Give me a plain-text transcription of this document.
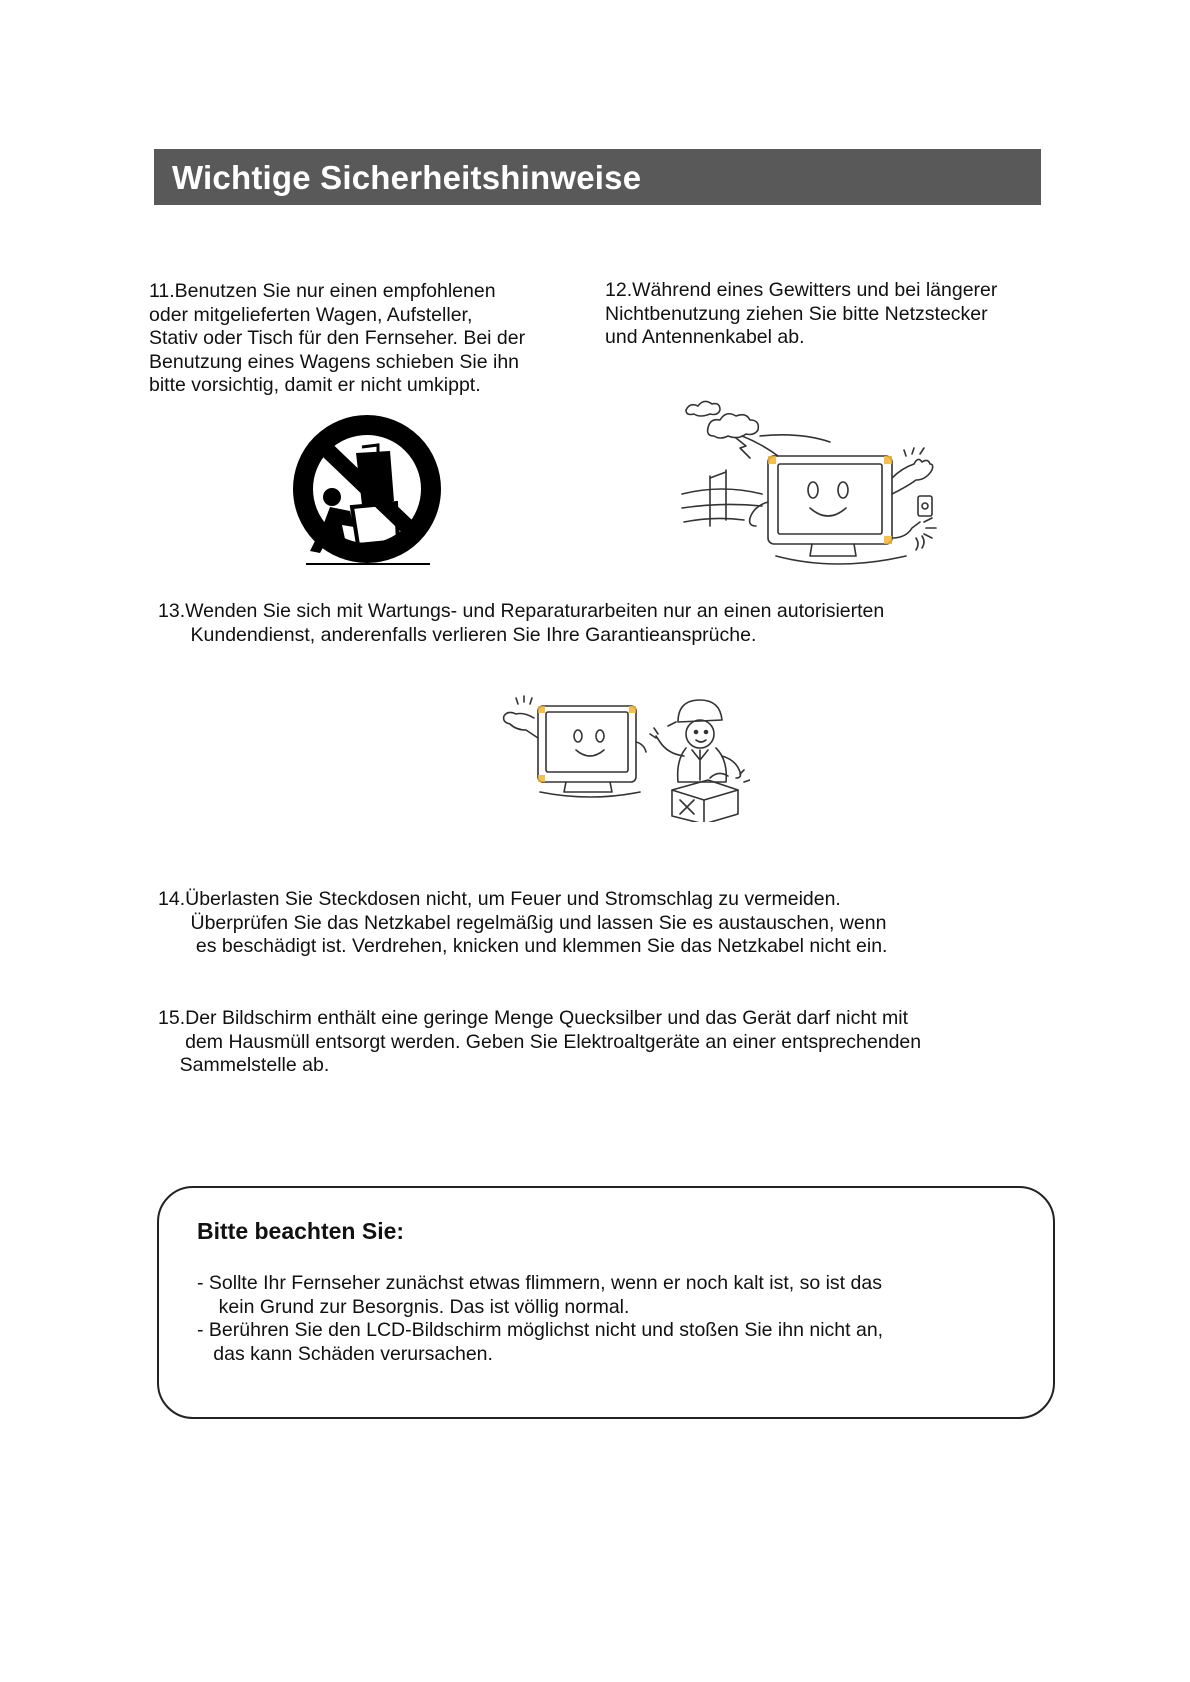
Wichtige Sicherheitshinweise
11.Benutzen Sie nur einen empfohlenen
oder mitgelieferten Wagen, Aufsteller,
Stativ oder Tisch für den Fernseher. Bei der
Benutzung eines Wagens schieben Sie ihn
bitte vorsichtig, damit er nicht umkippt.
12.Während eines Gewitters und bei längerer
Nichtbenutzung ziehen Sie bitte Netzstecker
und Antennenkabel ab.
13.Wenden Sie sich mit Wartungs- und Reparaturarbeiten nur an einen autorisierten
Kundendienst, anderenfalls verlieren Sie Ihre Garantieansprüche.
14.Überlasten Sie Steckdosen nicht, um Feuer und Stromschlag zu vermeiden.
Überprüfen Sie das Netzkabel regelmäßig und lassen Sie es austauschen, wenn
es beschädigt ist. Verdrehen, knicken und klemmen Sie das Netzkabel nicht ein.
15.Der Bildschirm enthält eine geringe Menge Quecksilber und das Gerät darf nicht mit
dem Hausmüll entsorgt werden. Geben Sie Elektroaltgeräte an einer entsprechenden
Sammelstelle ab.
Bitte beachten Sie:
- Sollte Ihr Fernseher zunächst etwas flimmern, wenn er noch kalt ist, so ist das
kein Grund zur Besorgnis. Das ist völlig normal.
- Berühren Sie den LCD-Bildschirm möglichst nicht und stoßen Sie ihn nicht an,
das kann Schäden verursachen.
